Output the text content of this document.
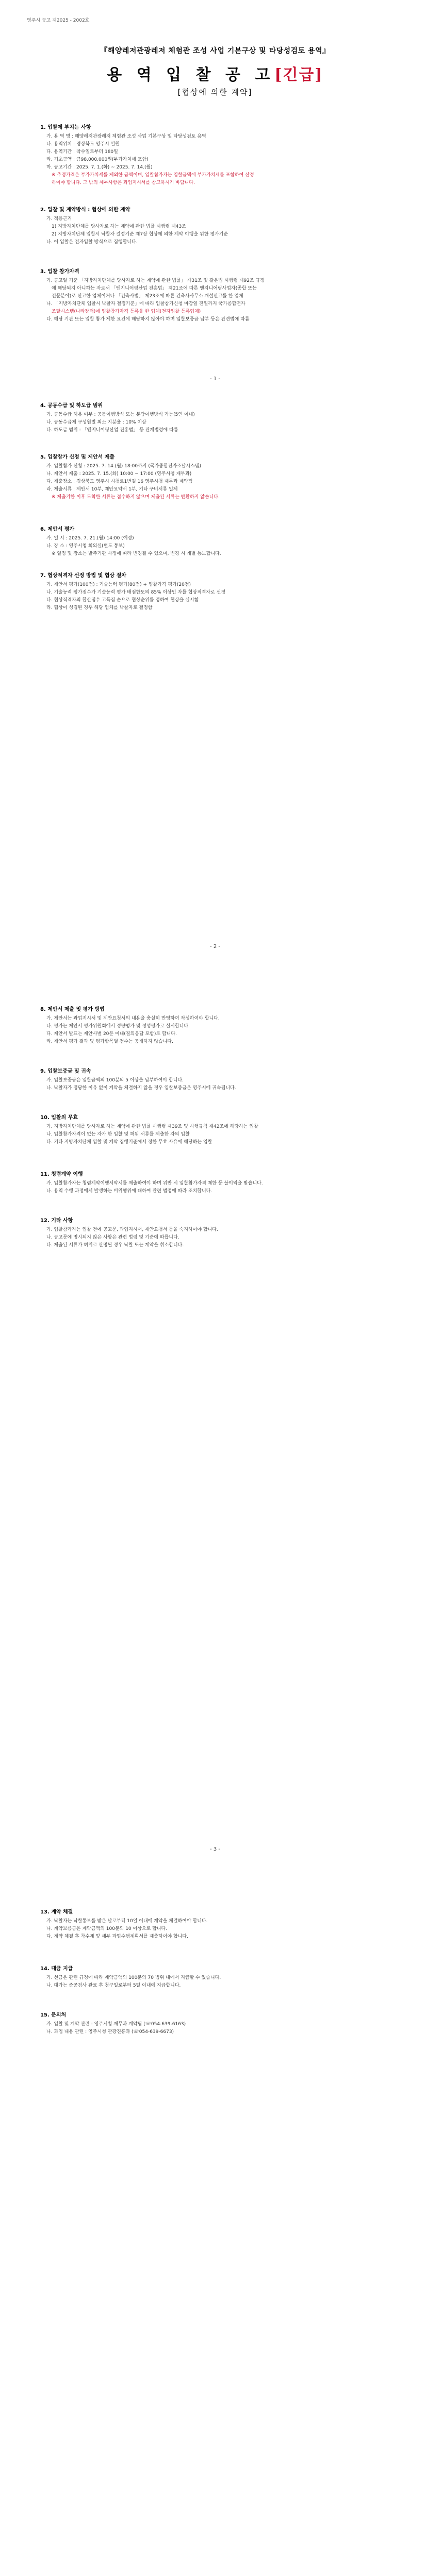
영주시 공고 제2025 - 2002호
『해양레저관광레저 체험관 조성 사업 기본구상 및 타당성검토 용역』
용 역 입 찰 공 고[긴급]
[협상에 의한 계약]
1. 입찰에 부치는 사항
가. 용 역 명 : 해양레저관광레저 체험관 조성 사업 기본구상 및 타당성검토 용역
나. 용역위치 : 경상북도 영주시 일원
다. 용역기간 : 착수일로부터 180일
라. 기초금액 : 금98,000,000원(부가가치세 포함)
마. 공고기간 : 2025. 7. 1.(화) ~ 2025. 7. 14.(월)
※ 추정가격은 부가가치세를 제외한 금액이며, 입찰참가자는 입찰금액에 부가가치세를 포함하여 산정
하여야 합니다. 그 밖의 세부사항은 과업지시서를 참고하시기 바랍니다.
2. 입찰 및 계약방식 : 협상에 의한 계약
가. 적용근거
1) 지방자치단체를 당사자로 하는 계약에 관한 법률 시행령 제43조
2) 지방자치단체 입찰시 낙찰자 결정기준 제7장 협상에 의한 계약 이행을 위한 평가기준
나. 이 입찰은 전자입찰 방식으로 집행합니다.
3. 입찰 참가자격
가. 공고일 기준 「지방자치단체를 당사자로 하는 계약에 관한 법률」 제31조 및 같은법 시행령 제92조 규정
에 해당되지 아니하는 자로서 「엔지니어링산업 진흥법」 제21조에 따른 엔지니어링사업자(종합 또는
전문분야)로 신고한 업체이거나 「건축사법」 제23조에 따른 건축사사무소 개설신고를 한 업체
나. 「지방자치단체 입찰시 낙찰자 결정기준」에 따라 입찰참가신청 마감일 전일까지 국가종합전자
조달시스템(나라장터)에 입찰참가자격 등록을 한 업체(전자입찰 등록업체)
다. 해당 기관 또는 입찰 참가 제한 요건에 해당하지 않아야 하며 입찰보증금 납부 등은 관련법에 따름
- 1 -
4. 공동수급 및 하도급 범위
가. 공동수급 허용 여부 : 공동이행방식 또는 분담이행방식 가능(5인 이내)
나. 공동수급체 구성원별 최소 지분율 : 10% 이상
다. 하도급 범위 : 「엔지니어링산업 진흥법」 등 관계법령에 따름
5. 입찰참가 신청 및 제안서 제출
가. 입찰참가 신청 : 2025. 7. 14.(월) 18:00까지 (국가종합전자조달시스템)
나. 제안서 제출 : 2025. 7. 15.(화) 10:00 ~ 17:00 (영주시청 재무과)
다. 제출장소 : 경상북도 영주시 시청로1번길 16 영주시청 재무과 계약팀
라. 제출서류 : 제안서 10부, 제안요약서 1부, 기타 구비서류 일체
※ 제출기한 이후 도착한 서류는 접수하지 않으며 제출된 서류는 반환하지 않습니다.
6. 제안서 평가
가. 일 시 : 2025. 7. 21.(월) 14:00 (예정)
나. 장 소 : 영주시청 회의실(별도 통보)
※ 일정 및 장소는 발주기관 사정에 따라 변경될 수 있으며, 변경 시 개별 통보합니다.
7. 협상적격자 선정 방법 및 협상 절차
가. 제안서 평가(100점) : 기술능력 평가(80점) + 입찰가격 평가(20점)
나. 기술능력 평가점수가 기술능력 평가 배점한도의 85% 이상인 자를 협상적격자로 선정
다. 협상적격자의 합산점수 고득점 순으로 협상순위를 정하여 협상을 실시함
라. 협상이 성립된 경우 해당 업체를 낙찰자로 결정함
- 2 -
8. 제안서 제출 및 평가 방법
가. 제안서는 과업지시서 및 제안요청서의 내용을 충실히 반영하여 작성하여야 합니다.
나. 평가는 제안서 평가위원회에서 정량평가 및 정성평가로 실시합니다.
다. 제안서 발표는 제안사별 20분 이내(질의응답 포함)로 합니다.
라. 제안서 평가 결과 및 평가항목별 점수는 공개하지 않습니다.
9. 입찰보증금 및 귀속
가. 입찰보증금은 입찰금액의 100분의 5 이상을 납부하여야 합니다.
나. 낙찰자가 정당한 이유 없이 계약을 체결하지 않을 경우 입찰보증금은 영주시에 귀속됩니다.
10. 입찰의 무효
가. 지방자치단체를 당사자로 하는 계약에 관한 법률 시행령 제39조 및 시행규칙 제42조에 해당하는 입찰
나. 입찰참가자격이 없는 자가 한 입찰 및 허위 서류를 제출한 자의 입찰
다. 기타 지방자치단체 입찰 및 계약 집행기준에서 정한 무효 사유에 해당하는 입찰
11. 청렴계약 이행
가. 입찰참가자는 청렴계약이행서약서를 제출하여야 하며 위반 시 입찰참가자격 제한 등 불이익을 받습니다.
나. 용역 수행 과정에서 발생하는 비위행위에 대하여 관련 법령에 따라 조치합니다.
12. 기타 사항
가. 입찰참가자는 입찰 전에 공고문, 과업지시서, 제안요청서 등을 숙지하여야 합니다.
나. 공고문에 명시되지 않은 사항은 관련 법령 및 기준에 따릅니다.
다. 제출된 서류가 허위로 판명될 경우 낙찰 또는 계약을 취소합니다.
- 3 -
13. 계약 체결
가. 낙찰자는 낙찰통보를 받은 날로부터 10일 이내에 계약을 체결하여야 합니다.
나. 계약보증금은 계약금액의 100분의 10 이상으로 합니다.
다. 계약 체결 후 착수계 및 세부 과업수행계획서를 제출하여야 합니다.
14. 대금 지급
가. 선금은 관련 규정에 따라 계약금액의 100분의 70 범위 내에서 지급할 수 있습니다.
나. 대가는 준공검사 완료 후 청구일로부터 5일 이내에 지급합니다.
15. 문의처
가. 입찰 및 계약 관련 : 영주시청 재무과 계약팀 (☏054-639-6163)
나. 과업 내용 관련 : 영주시청 관광진흥과 (☏054-639-6673)
